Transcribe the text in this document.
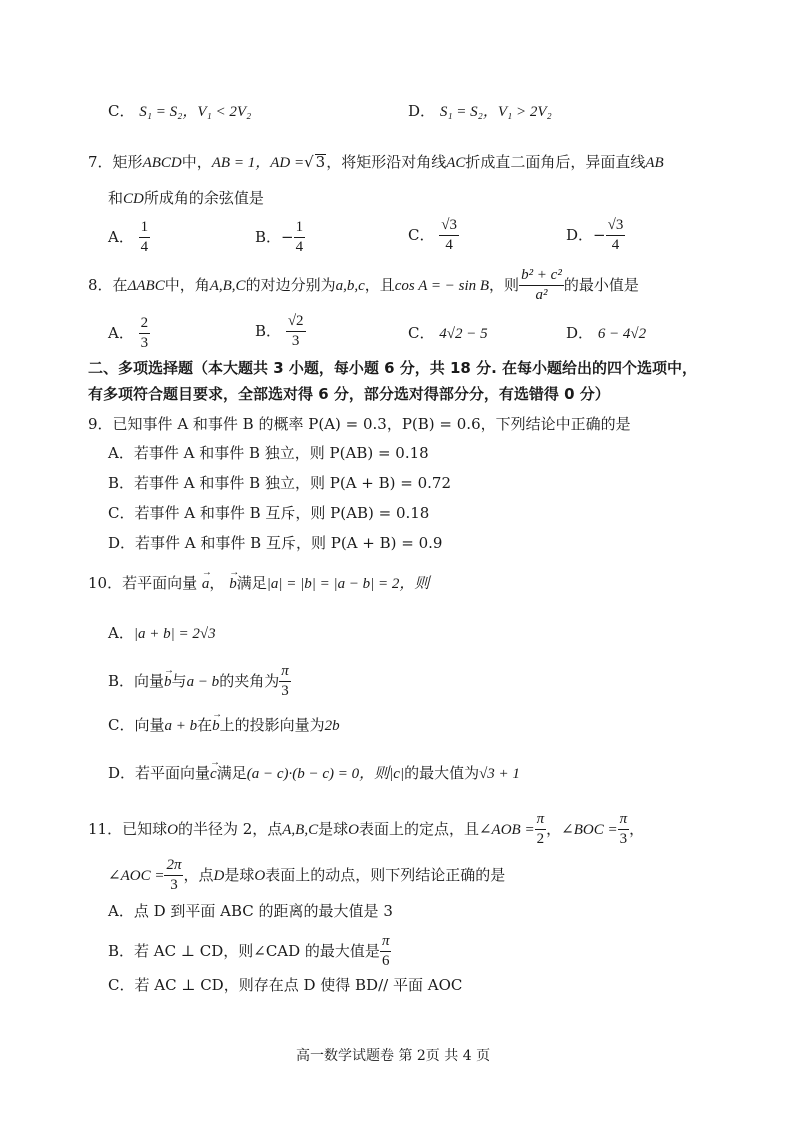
C． S₁ = S₂，V₁ < 2V₂	D． S₁ = S₂，V₁ > 2V₂
7．矩形ABCD中，AB = 1，AD =√ 3，将矩形沿对角线AC折成直二面角后，异面直线AB
和CD所成角的余弦值是
A． $\frac{1}{4}$	B．− $\frac{1}{4}$	C． $\frac{√3}{4}$	D．− $\frac{√3}{4}$
8．在ΔABC中，角A,B,C的对边分别为a,b,c，且cos A = − sin B，则 $\frac{\text{b² + c²}}{\text{a²}}$ 的最小值是
A． $\frac{2}{3}$	B． $\frac{√2}{3}$	C． 4√2 − 5	D． 6 − 4√2
二、多项选择题（本大题共 3 小题，每小题 6 分，共 18 分. 在每小题给出的四个选项中，
有多项符合题目要求，全部选对得 6 分，部分选对得部分分，有选错得 0 分）
9．已知事件 A 和事件 B 的概率 P(A) = 0.3，P(B) = 0.6，下列结论中正确的是
A．若事件 A 和事件 B 独立，则 P(AB) = 0.18
B．若事件 A 和事件 B 独立，则 P(A + B) = 0.72
C．若事件 A 和事件 B 互斥，则 P(AB) = 0.18
D．若事件 A 和事件 B 互斥，则 P(A + B) = 0.9
10．若平面向量 → a， → b满足|a| = |b| = |a − b| = 2，则
A．|a + b| = 2√3
B．向量→ b与a − b的夹角为 $\frac{\pi}{3}$
C．向量a + b在→ b上的投影向量为2b
D．若平面向量→ c满足(a − c)·(b − c) = 0，则|c|的最大值为√3 + 1
11．已知球O的半径为 2，点A,B,C是球O表面上的定点，且∠AOB = $\frac{\pi}{2}$ ，∠BOC = $\frac{\pi}{3}$ ，
∠AOC = $\frac{2\pi}{3}$ ，点D是球O表面上的动点，则下列结论正确的是
A．点 D 到平面 ABC 的距离的最大值是 3
B．若 AC ⊥ CD，则∠CAD 的最大值是 $\frac{\pi}{6}$
C．若 AC ⊥ CD，则存在点 D 使得 BD// 平面 AOC
高一数学试题卷 第 2页 共 4 页
